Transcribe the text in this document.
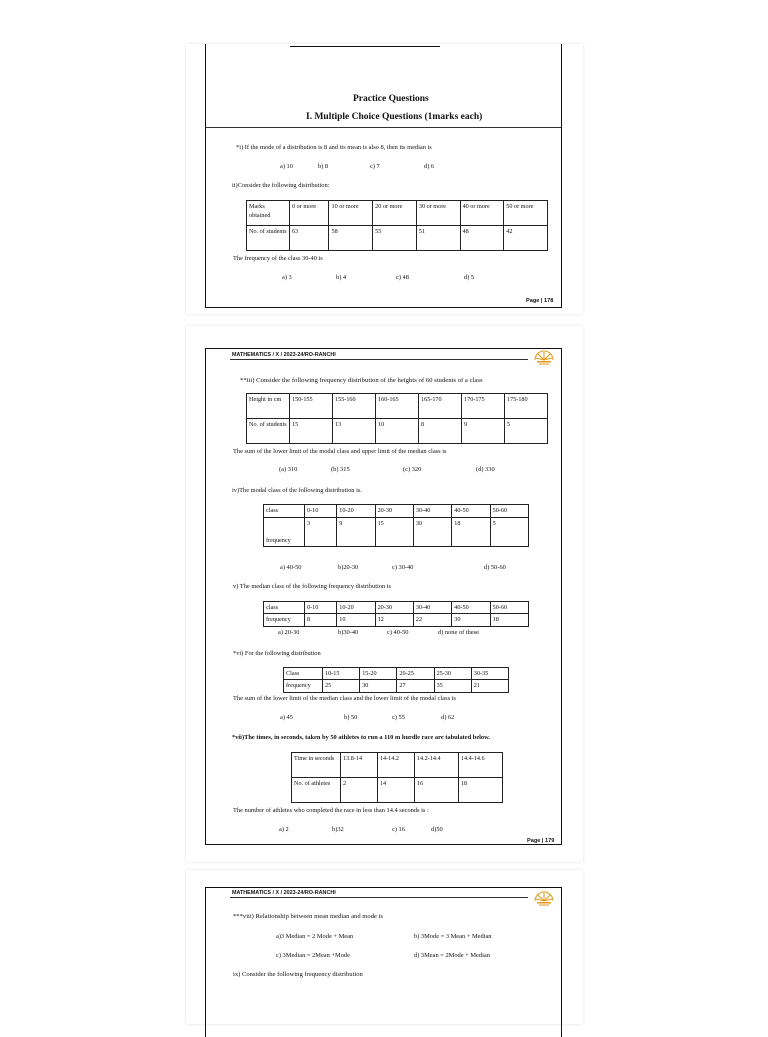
Practice Questions
I. Multiple Choice Questions (1marks each)
*i) If the mode of a distribution is 8 and its mean is also 8, then its median is
a) 10	b) 8	c) 7	d) 6
ii)Consider the following distribution:
Marks obtained	0 or more	10 or more	20 or more	30 or more	40 or more	50 or more
No. of students	63	58	55	51	48	42
The frequency of the class 30-40 is
a) 3	b) 4	c) 48	d) 5
Page | 178
MATHEMATICS / X / 2023-24/RO-RANCHI
**iii) Consider the following frequency distribution of the heights of 60 students of a class
Height in cm	150-155	155-160	160-165	165-170	170-175	175-180
No. of students	15	13	10	8	9	5
The sum of the lower limit of the modal class and upper limit of the median class is
(a) 310	(b) 315	(c) 320	(d) 330
iv)The modal class of the following distribution is.
class	0-10	10-20	20-30	30-40	40-50	50-60
frequency	3	9	15	30	18	5
a) 40-50	b)20-30	c) 30-40	d) 50-60
v) The median class of the following frequency distribution is
class	0-10	10-20	20-30	30-40	40-50	50-60
frequency	8	10	12	22	30	18
a) 20-30	b)30-40	c) 40-50	d) none of these
*vi) For the following distribution
Class	10-15	15-20	20-25	25-30	30-35
frequency	25	30	27	35	21
The sum of the lower limit of the median class and the lower limit of the modal class is
a) 45	b) 50	c) 55	d) 62
*vii)The times, in seconds, taken by 50 athletes to run a 110 m hurdle race are tabulated below.
Time in seconds	13.8-14	14-14.2	14.2-14.4	14.4-14.6
No. of athletes	2	14	16	18
The number of athletes who completed the race in less than 14.4 seconds is :
a) 2	b)32	c) 16	d)50
Page | 179
MATHEMATICS / X / 2023-24/RO-RANCHI
***viii) Relationship between mean median and mode is
a)3 Median = 2 Mode + Mean	b) 3Mode = 3 Mean + Median
c) 3Median = 2Mean +Mode	d) 3Mean = 2Mode + Median
ix) Consider the following frequency distribution
